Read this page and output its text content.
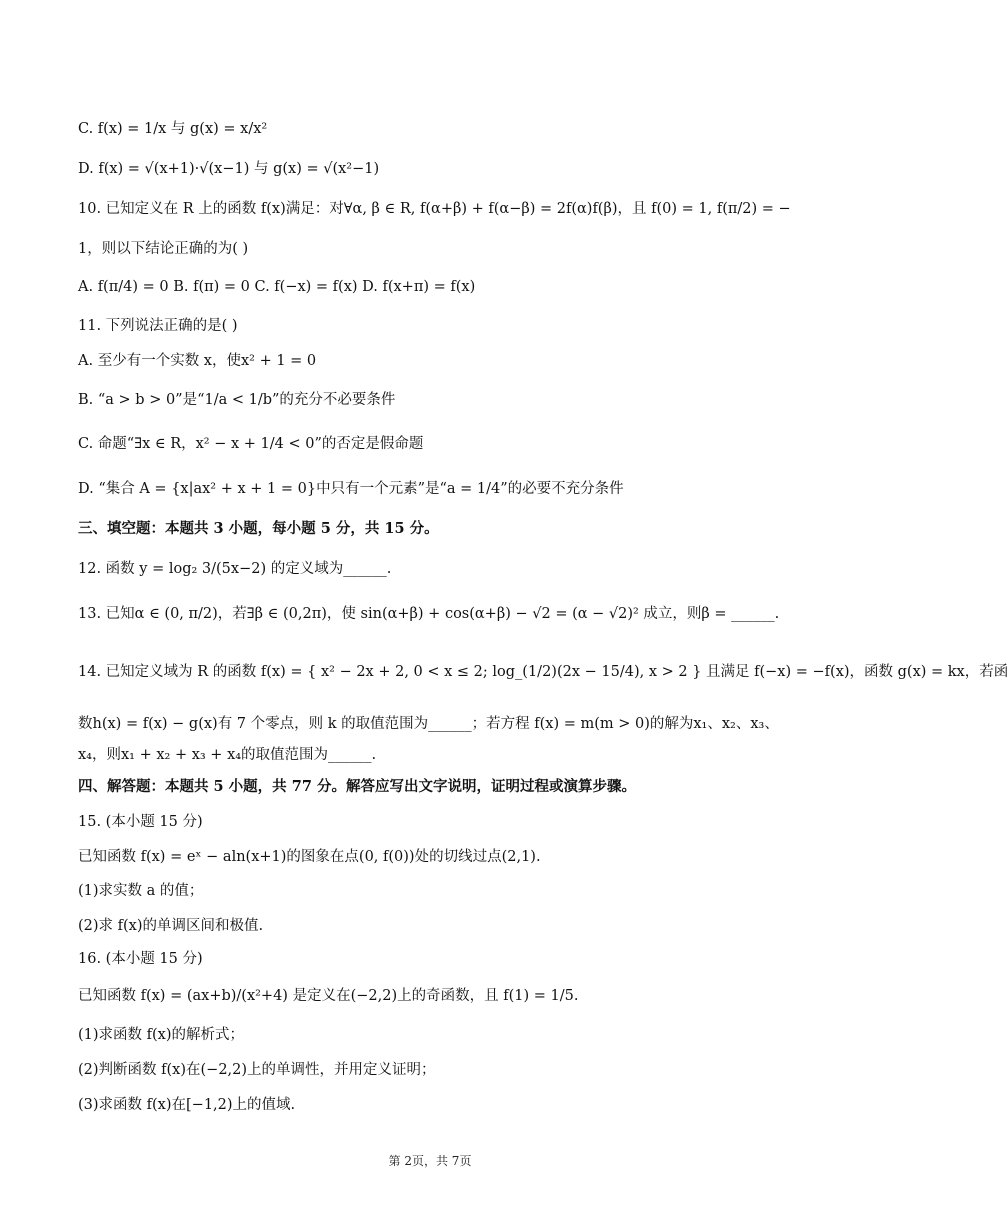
C. f(x) = 1/x 与 g(x) = x/x²
D. f(x) = √(x+1)·√(x−1) 与 g(x) = √(x²−1)
10. 已知定义在 R 上的函数 f(x)满足：对∀α, β ∈ R, f(α+β) + f(α−β) = 2f(α)f(β)，且 f(0) = 1, f(π/2) = −
1，则以下结论正确的为( )
A. f(π/4) = 0 B. f(π) = 0 C. f(−x) = f(x) D. f(x+π) = f(x)
11. 下列说法正确的是( )
A. 至少有一个实数 x，使x² + 1 = 0
B. “a > b > 0”是“1/a < 1/b”的充分不必要条件
C. 命题“∃x ∈ R，x² − x + 1/4 < 0”的否定是假命题
D. “集合 A = {x|ax² + x + 1 = 0}中只有一个元素”是“a = 1/4”的必要不充分条件
三、填空题：本题共 3 小题，每小题 5 分，共 15 分。
12. 函数 y = log₂ 3/(5x−2) 的定义域为______.
13. 已知α ∈ (0, π/2)，若∃β ∈ (0,2π)，使 sin(α+β) + cos(α+β) − √2 = (α − √2)² 成立，则β = ______.
14. 已知定义域为 R 的函数 f(x) = { x² − 2x + 2, 0 < x ≤ 2; log_(1/2)(2x − 15/4), x > 2 } 且满足 f(−x) = −f(x)，函数 g(x) = kx，若函
数h(x) = f(x) − g(x)有 7 个零点，则 k 的取值范围为______；若方程 f(x) = m(m > 0)的解为x₁、x₂、x₃、
x₄，则x₁ + x₂ + x₃ + x₄的取值范围为______.
四、解答题：本题共 5 小题，共 77 分。解答应写出文字说明，证明过程或演算步骤。
15. (本小题 15 分)
已知函数 f(x) = eˣ − aln(x+1)的图象在点(0, f(0))处的切线过点(2,1).
(1)求实数 a 的值；
(2)求 f(x)的单调区间和极值.
16. (本小题 15 分)
已知函数 f(x) = (ax+b)/(x²+4) 是定义在(−2,2)上的奇函数，且 f(1) = 1/5.
(1)求函数 f(x)的解析式；
(2)判断函数 f(x)在(−2,2)上的单调性，并用定义证明；
(3)求函数 f(x)在[−1,2)上的值域.
第 2页，共 7页
